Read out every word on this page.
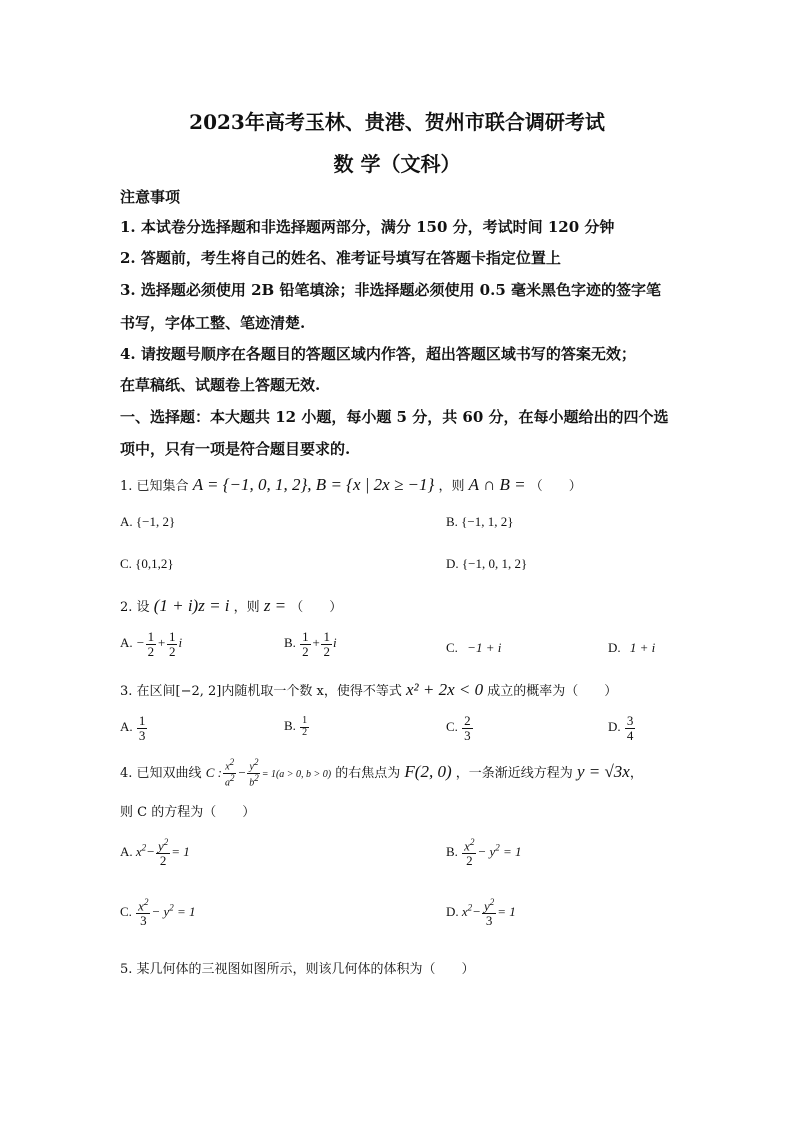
2023年高考玉林、贵港、贺州市联合调研考试
数 学（文科）
注意事项
1. 本试卷分选择题和非选择题两部分，满分 150 分，考试时间 120 分钟
2. 答题前，考生将自己的姓名、准考证号填写在答题卡指定位置上
3. 选择题必须使用 2B 铅笔填涂；非选择题必须使用 0.5 毫米黑色字迹的签字笔
书写，字体工整、笔迹清楚.
4. 请按题号顺序在各题目的答题区域内作答，超出答题区域书写的答案无效；
在草稿纸、试题卷上答题无效.
一、选择题：本大题共 12 小题，每小题 5 分，共 60 分，在每小题给出的四个选
项中，只有一项是符合题目要求的.
1. 已知集合 A = {−1, 0, 1, 2}, B = {x | 2x ≥ −1} ，则 A ∩ B = （　　）
A. {−1, 2}	B. {−1, 1, 2}
C. {0,1,2}	D. {−1, 0, 1, 2}
2. 设 (1 + i)z = i ，则 z = （　　）
A. − $\frac{1}{2} + \frac{1}{2}$ i	B. $\frac{1}{2} + \frac{1}{2}$ i	C. −1 + i	D. 1 + i
3. 在区间[−2, 2]内随机取一个数 x，使得不等式 x² + 2x < 0 成立的概率为（　　）
A. $\frac{1}{3}$	B. $\frac{1}{2}$	C. $\frac{2}{3}$	D. $\frac{3}{4}$
4. 已知双曲线 C : $\frac{x2}{a2} - \frac{y2}{b2} = 1(a > 0$, b > 0) 的右焦点为 F(2, 0) ，一条渐近线方程为 y = √3x，
则 C 的方程为（　　）
A. $x^2- \frac{y^2}{2} = 1$	B. $\frac{x^2}{2} - y^2 = 1$
C. $\frac{x^2}{3} - y^2 = 1$	D. $x^2- \frac{y^2}{3} = 1$
5. 某几何体的三视图如图所示，则该几何体的体积为（　　）
